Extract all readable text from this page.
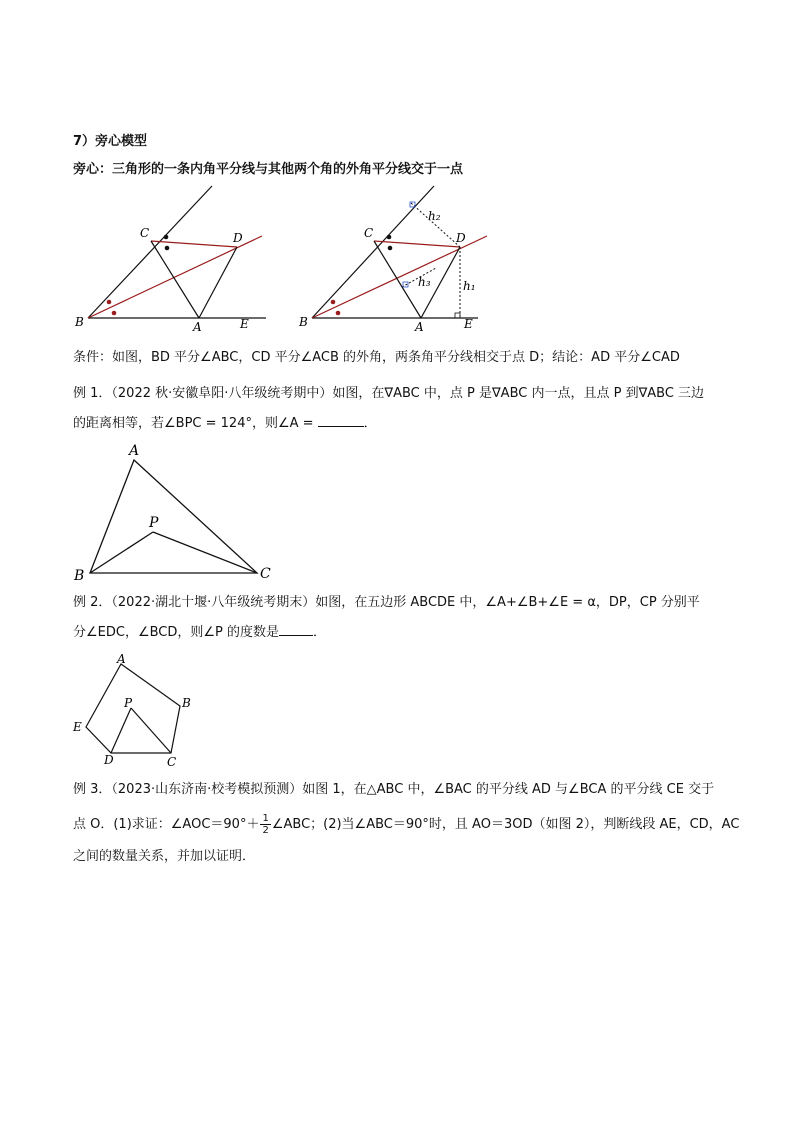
7）旁心模型
旁心：三角形的一条内角平分线与其他两个角的外角平分线交于一点
B	A	E
C	D
B	A	E
C	D
h₂
h₃	h₁
条件：如图，BD 平分∠ABC，CD 平分∠ACB 的外角，两条角平分线相交于点 D；结论：AD 平分∠CAD
例 1．（2022 秋·安徽阜阳·八年级统考期中）如图，在∇ABC 中，点 P 是∇ABC 内一点，且点 P 到∇ABC 三边
的距离相等，若∠BPC = 124°，则∠A =	．
A
B	C
P
例 2．（2022·湖北十堰·八年级统考期末）如图，在五边形 ABCDE 中，∠A+∠B+∠E = α，DP，CP 分别平
分∠EDC，∠BCD，则∠P 的度数是	．
A
B
C
D
E
P
例 3．（2023·山东济南·校考模拟预测）如图 1，在△ABC 中，∠BAC 的平分线 AD 与∠BCA 的平分线 CE 交于
点 O．(1)求证：∠AOC＝90°＋ $\frac{1}{2}$ ∠ABC；(2)当∠ABC＝90°时，且 AO＝3OD（如图 2），判断线段 AE，CD，AC
之间的数量关系，并加以证明．
